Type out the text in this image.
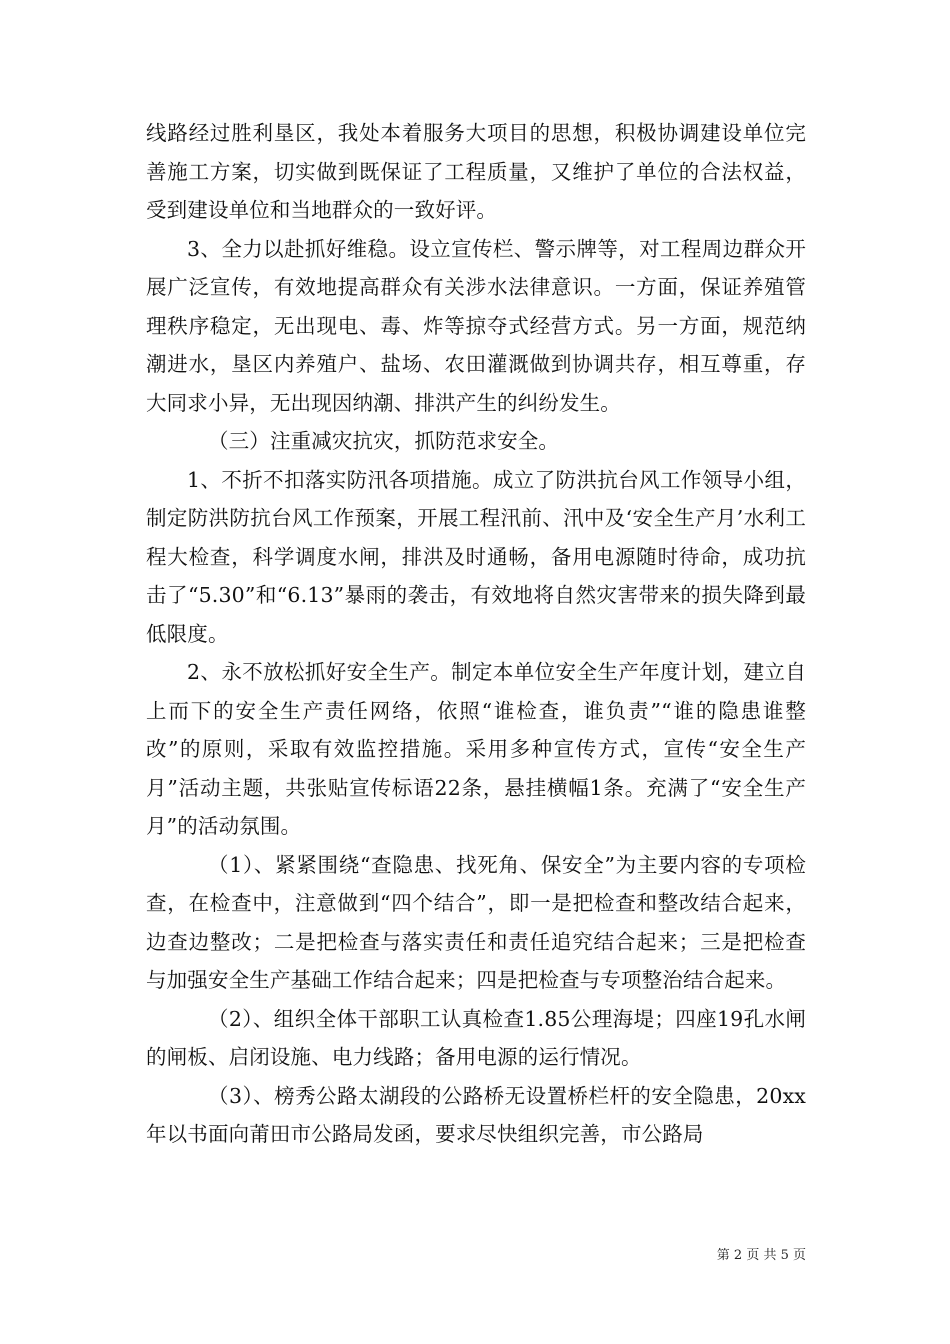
线路经过胜利垦区，我处本着服务大项目的思想，积极协调建设单位完善施工方案，切实做到既保证了工程质量，又维护了单位的合法权益，受到建设单位和当地群众的一致好评。

3、全力以赴抓好维稳。设立宣传栏、警示牌等，对工程周边群众开展广泛宣传，有效地提高群众有关涉水法律意识。一方面，保证养殖管理秩序稳定，无出现电、毒、炸等掠夺式经营方式。另一方面，规范纳潮进水，垦区内养殖户、盐场、农田灌溉做到协调共存，相互尊重，存大同求小异，无出现因纳潮、排洪产生的纠纷发生。

（三）注重减灾抗灾，抓防范求安全。

1、不折不扣落实防汛各项措施。成立了防洪抗台风工作领导小组，制定防洪防抗台风工作预案，开展工程汛前、汛中及‘安全生产月’水利工程大检查，科学调度水闸，排洪及时通畅，备用电源随时待命，成功抗击了“5.30”和“6.13”暴雨的袭击，有效地将自然灾害带来的损失降到最低限度。

2、永不放松抓好安全生产。制定本单位安全生产年度计划，建立自上而下的安全生产责任网络，依照“谁检查，谁负责”“谁的隐患谁整改”的原则，采取有效监控措施。采用多种宣传方式，宣传“安全生产月”活动主题，共张贴宣传标语22条，悬挂横幅1条。充满了“安全生产月”的活动氛围。

（1）、紧紧围绕“查隐患、找死角、保安全”为主要内容的专项检查，在检查中，注意做到“四个结合”，即一是把检查和整改结合起来，边查边整改；二是把检查与落实责任和责任追究结合起来；三是把检查与加强安全生产基础工作结合起来；四是把检查与专项整治结合起来。

（2）、组织全体干部职工认真检查1.85公理海堤；四座19孔水闸的闸板、启闭设施、电力线路；备用电源的运行情况。

（3）、榜秀公路太湖段的公路桥无设置桥栏杆的安全隐患，20xx年以书面向莆田市公路局发函，要求尽快组织完善，市公路局

第 2 页 共 5 页
